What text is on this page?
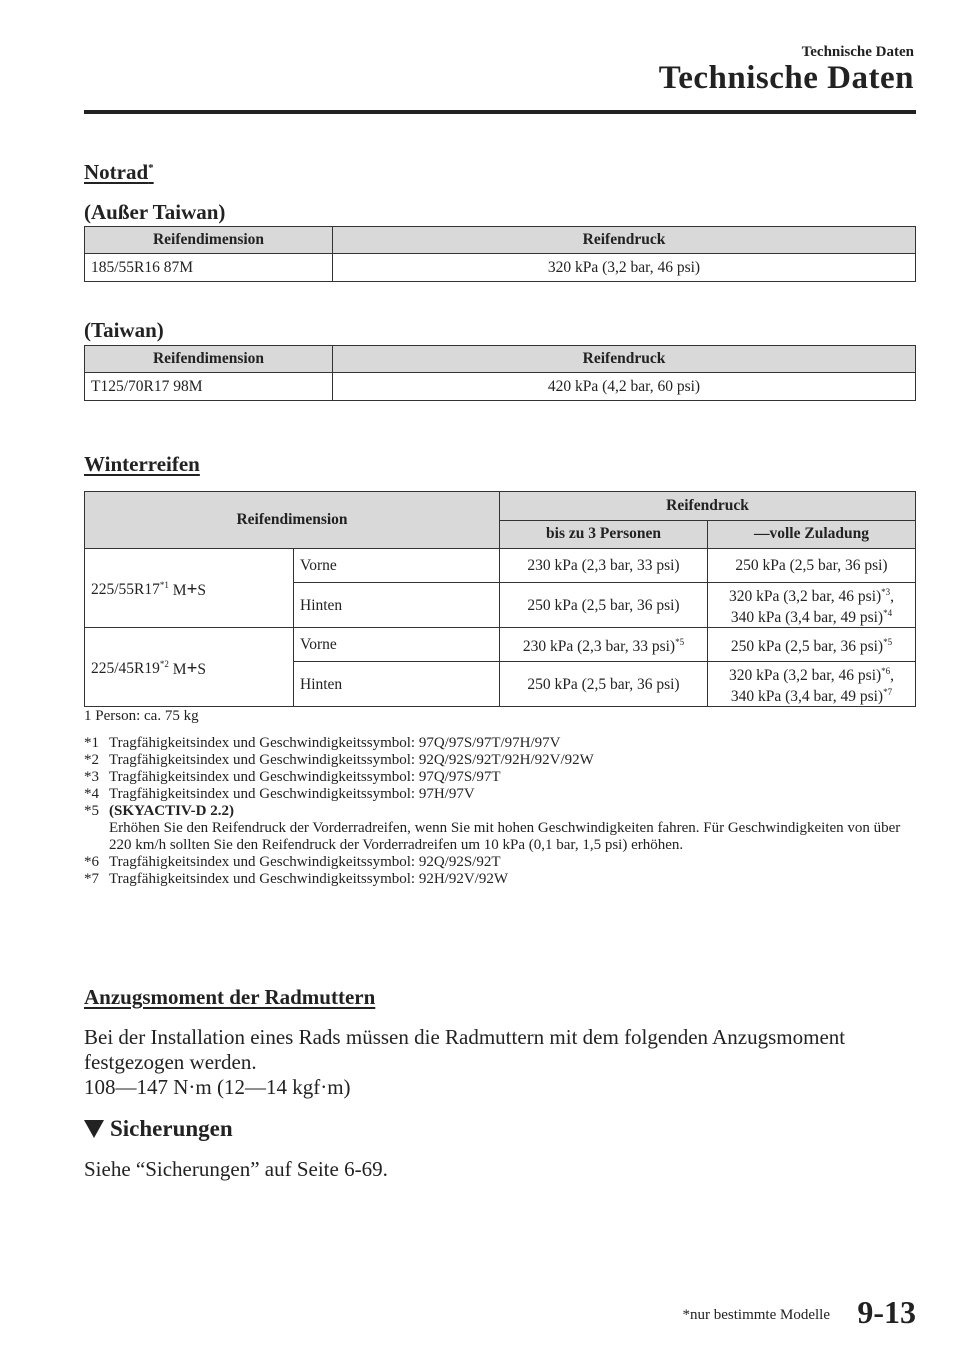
Technische Daten
Technische Daten
Notrad*
(Außer Taiwan)
Reifendimension	Reifendruck
185/55R16 87M	320 kPa (3,2 bar, 46 psi)
(Taiwan)
Reifendimension	Reifendruck
T125/70R17 98M	420 kPa (4,2 bar, 60 psi)
Winterreifen
Reifendimension		Reifendruck	
		bis zu 3 Personen	—volle Zuladung
225/55R17$^{*1}$ M+S	Vorne	230 kPa (2,3 bar, 33 psi)	250 kPa (2,5 bar, 36 psi)
	Hinten	250 kPa (2,5 bar, 36 psi)	320 kPa (3,2 bar, 46 psi)$^{*3}$,
340 kPa (3,4 bar, 49 psi)$^{*4}$
225/45R19$^{*2}$ M+S	Vorne	230 kPa (2,3 bar, 33 psi)$^{*5}$	250 kPa (2,5 bar, 36 psi)$^{*5}$
	Hinten	250 kPa (2,5 bar, 36 psi)	320 kPa (3,2 bar, 46 psi)$^{*6}$,
340 kPa (3,4 bar, 49 psi)$^{*7}$
1 Person: ca. 75 kg
*1 Tragfähigkeitsindex und Geschwindigkeitssymbol: 97Q/97S/97T/97H/97V
*2 Tragfähigkeitsindex und Geschwindigkeitssymbol: 92Q/92S/92T/92H/92V/92W
*3 Tragfähigkeitsindex und Geschwindigkeitssymbol: 97Q/97S/97T
*4 Tragfähigkeitsindex und Geschwindigkeitssymbol: 97H/97V
*5 (SKYACTIV-D 2.2)
Erhöhen Sie den Reifendruck der Vorderradreifen, wenn Sie mit hohen Geschwindigkeiten fahren. Für Geschwindigkeiten von über 220 km/h sollten Sie den Reifendruck der Vorderradreifen um 10 kPa (0,1 bar, 1,5 psi) erhöhen.
*6 Tragfähigkeitsindex und Geschwindigkeitssymbol: 92Q/92S/92T
*7 Tragfähigkeitsindex und Geschwindigkeitssymbol: 92H/92V/92W
Anzugsmoment der Radmuttern
Bei der Installation eines Rads müssen die Radmuttern mit dem folgenden Anzugsmoment
festgezogen werden.
108—147 N·m (12—14 kgf·m)
Sicherungen
Siehe “Sicherungen” auf Seite 6-69.
*nur bestimmte Modelle 9-13
